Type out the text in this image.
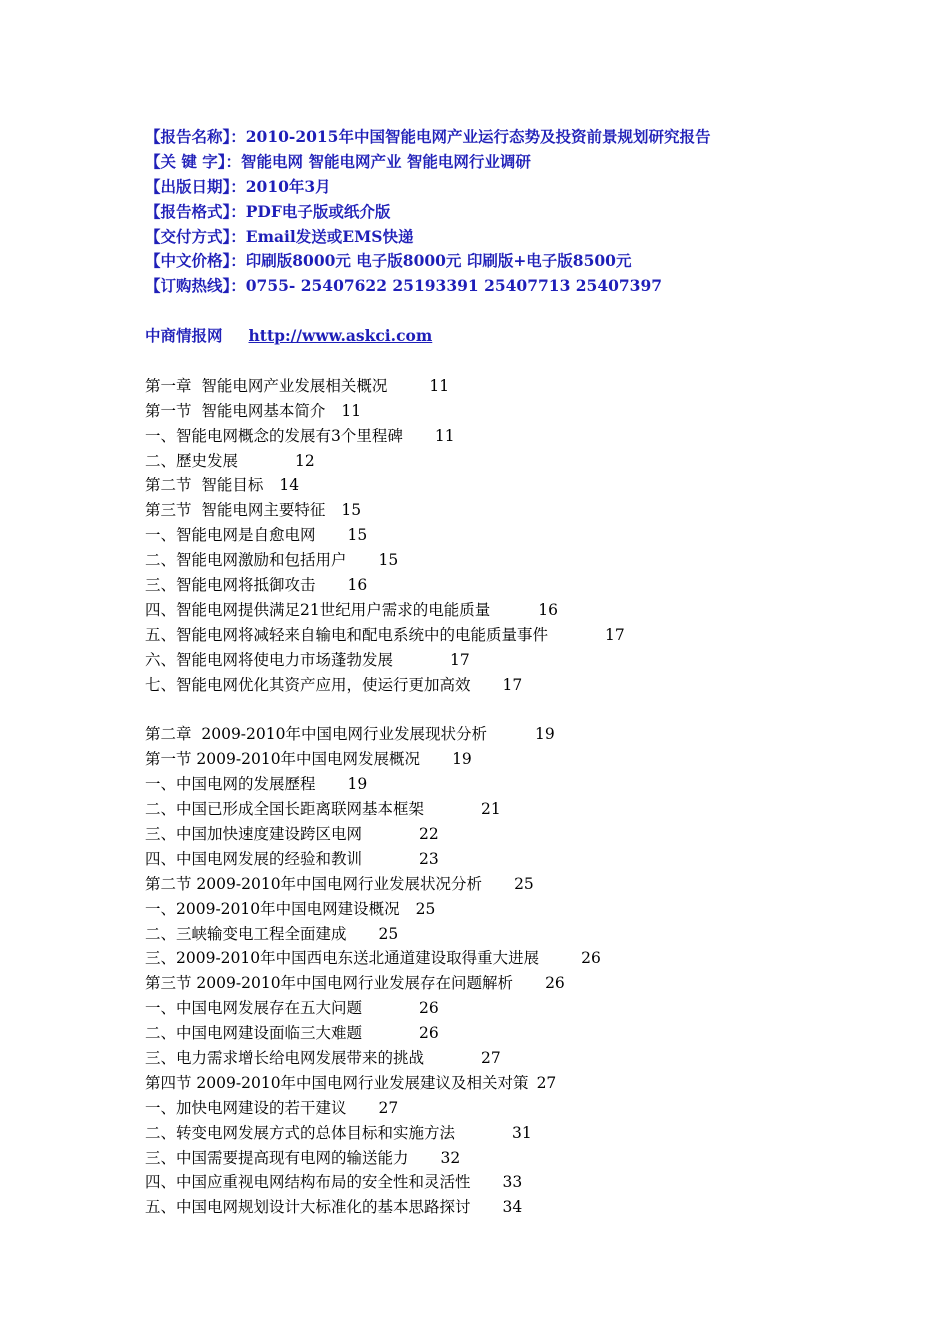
【报告名称】：2010-2015年中国智能电网产业运行态势及投资前景规划研究报告
【关 键 字】：智能电网 智能电网产业 智能电网行业调研
【出版日期】：2010年3月
【报告格式】：PDF电子版或纸介版
【交付方式】：Email发送或EMS快递
【中文价格】：印刷版8000元 电子版8000元 印刷版+电子版8500元
【订购热线】：0755- 25407622 25193391 25407713 25407397
中商情报网 http://www.askci.com
第一章  智能电网产业发展相关概况	11
第一节  智能电网基本简介 11
一、智能电网概念的发展有3个里程碑 11
二、歷史发展	12
第二节  智能目标 14
第三节  智能电网主要特征 15
一、智能电网是自愈电网 15
二、智能电网激励和包括用户 15
三、智能电网将抵御攻击 16
四、智能电网提供满足21世纪用户需求的电能质量	16
五、智能电网将减轻来自输电和配电系统中的电能质量事件	17
六、智能电网将使电力市场蓬勃发展	17
七、智能电网优化其资产应用，使运行更加高效 17
第二章  2009-2010年中国电网行业发展现状分析	19
第一节 2009-2010年中国电网发展概况 19
一、中国电网的发展歷程 19
二、中国已形成全国长距离联网基本框架	21
三、中国加快速度建设跨区电网	22
四、中国电网发展的经验和教训	23
第二节 2009-2010年中国电网行业发展状况分析 25
一、2009-2010年中国电网建设概况 25
二、三峡输变电工程全面建成 25
三、2009-2010年中国西电东送北通道建设取得重大进展	26
第三节 2009-2010年中国电网行业发展存在问题解析 26
一、中国电网发展存在五大问题	26
二、中国电网建设面临三大难题	26
三、电力需求增长给电网发展带来的挑战	27
第四节 2009-2010年中国电网行业发展建议及相关对策 27
一、加快电网建设的若干建议 27
二、转变电网发展方式的总体目标和实施方法	31
三、中国需要提高现有电网的输送能力 32
四、中国应重视电网结构布局的安全性和灵活性 33
五、中国电网规划设计大标准化的基本思路探讨 34
